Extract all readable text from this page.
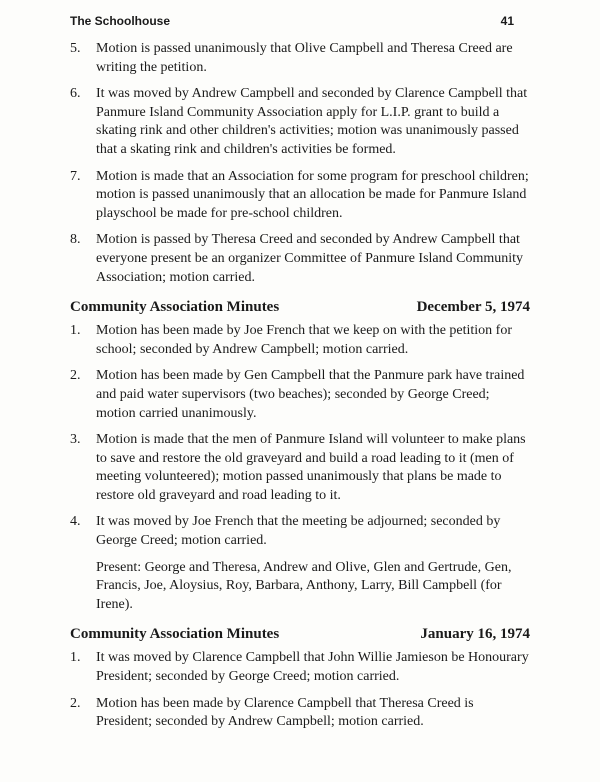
The Schoolhouse	41
5.	Motion is passed unanimously that Olive Campbell and Theresa Creed are writing the petition.
6.	It was moved by Andrew Campbell and seconded by Clarence Campbell that Panmure Island Community Association apply for L.I.P. grant to build a skating rink and other children's activities; motion was unanimously passed that a skating rink and children's activities be formed.
7.	Motion is made that an Association for some program for preschool children; motion is passed unanimously that an allocation be made for Panmure Island playschool be made for pre-school children.
8.	Motion is passed by Theresa Creed and seconded by Andrew Campbell that everyone present be an organizer Committee of Panmure Island Community Association; motion carried.
Community Association Minutes	December 5, 1974
1.	Motion has been made by Joe French that we keep on with the petition for school; seconded by Andrew Campbell; motion carried.
2.	Motion has been made by Gen Campbell that the Panmure park have trained and paid water supervisors (two beaches); seconded by George Creed; motion carried unanimously.
3.	Motion is made that the men of Panmure Island will volunteer to make plans to save and restore the old graveyard and build a road leading to it (men of meeting volunteered); motion passed unanimously that plans be made to restore old graveyard and road leading to it.
4.	It was moved by Joe French that the meeting be adjourned; seconded by George Creed; motion carried.
Present: George and Theresa, Andrew and Olive, Glen and Gertrude, Gen, Francis, Joe, Aloysius, Roy, Barbara, Anthony, Larry, Bill Campbell (for Irene).
Community Association Minutes	January 16, 1974
1.	It was moved by Clarence Campbell that John Willie Jamieson be Honourary President; seconded by George Creed; motion carried.
2.	Motion has been made by Clarence Campbell that Theresa Creed is President; seconded by Andrew Campbell; motion carried.
